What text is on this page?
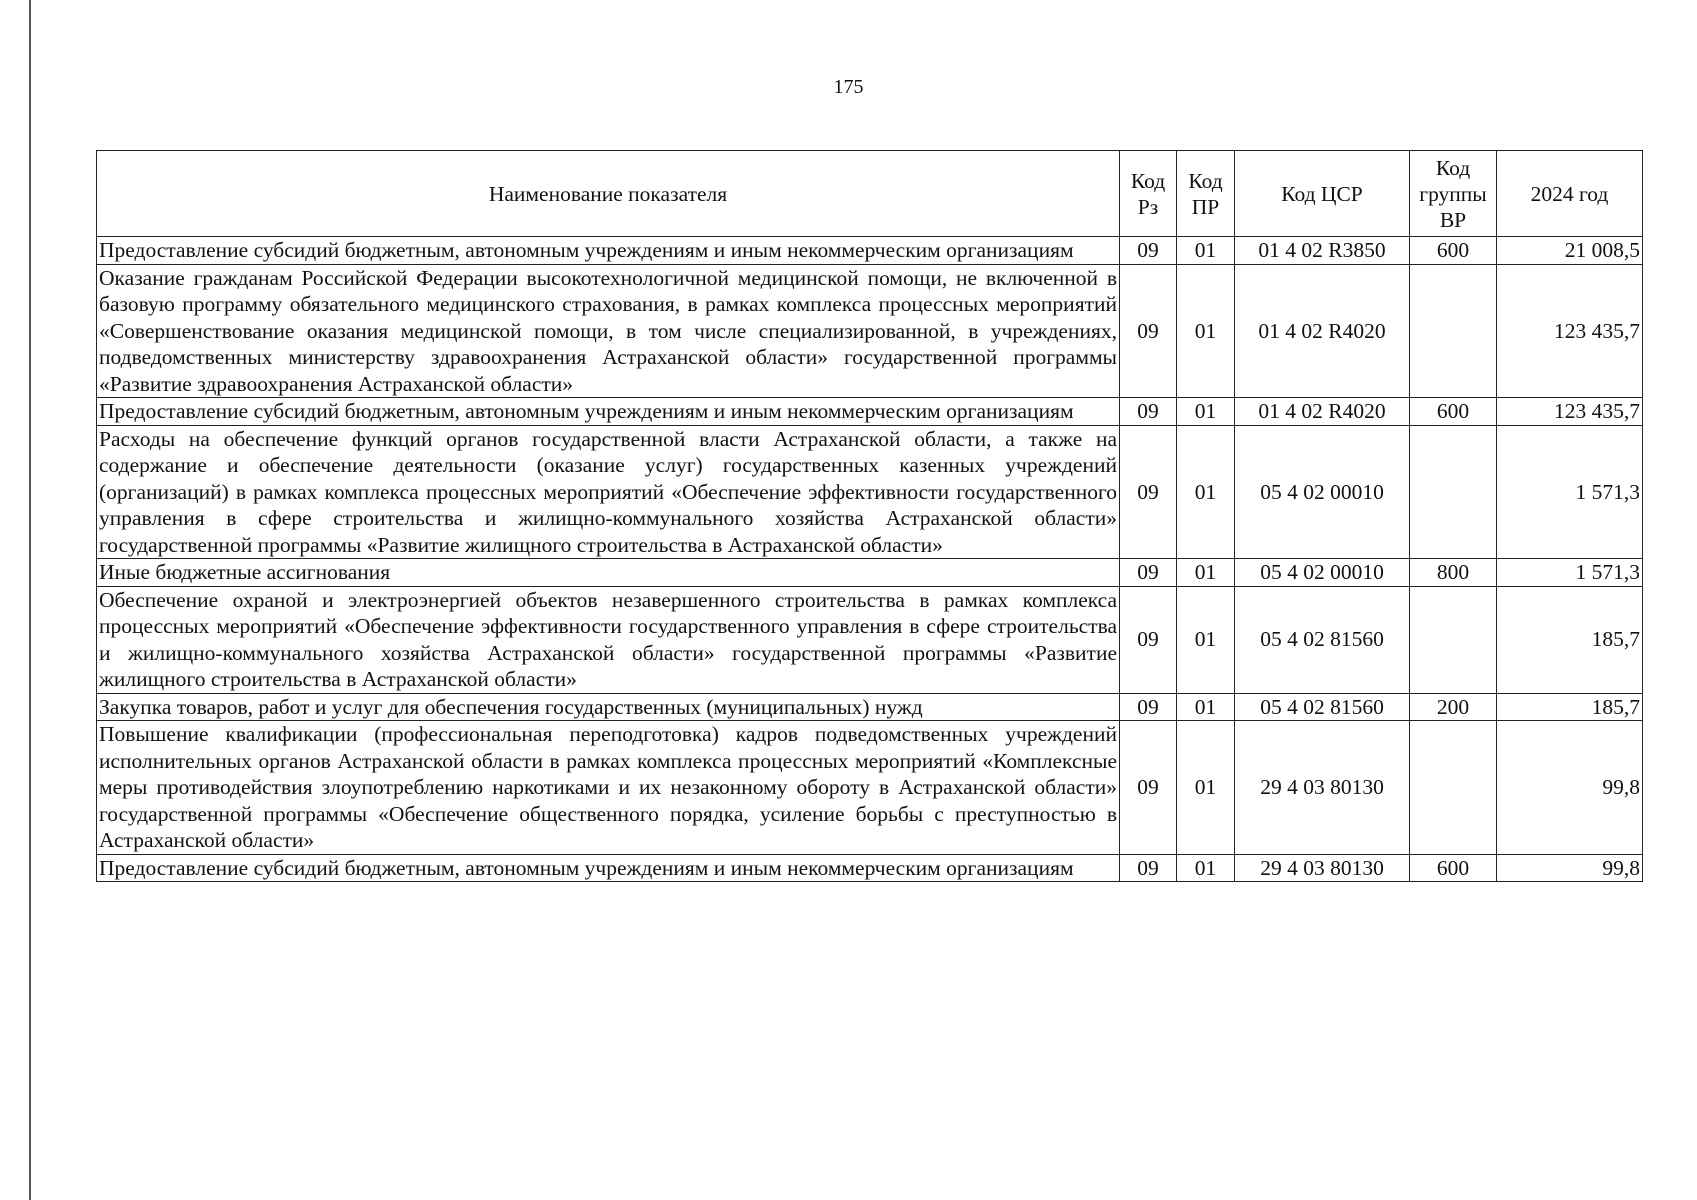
175
Наименование показателя	Код Рз	Код ПР	Код ЦСР	Код группы ВР	2024 год
Предоставление субсидий бюджетным, автономным учреждениям и иным некоммерческим организациям	09	01	01 4 02 R3850	600	21 008,5
Оказание гражданам Российской Федерации высокотехнологичной медицинской помощи, не включенной в базовую программу обязательного медицинского страхования, в рамках комплекса процессных мероприятий «Совершенствование оказания медицинской помощи, в том числе специализированной, в учреждениях, подведомственных министерству здравоохранения Астраханской области» государственной программы «Развитие здравоохранения Астраханской области»	09	01	01 4 02 R4020		123 435,7
Предоставление субсидий бюджетным, автономным учреждениям и иным некоммерческим организациям	09	01	01 4 02 R4020	600	123 435,7
Расходы на обеспечение функций органов государственной власти Астраханской области, а также на содержание и обеспечение деятельности (оказание услуг) государственных казенных учреждений (организаций) в рамках комплекса процессных мероприятий «Обеспечение эффективности государственного управления в сфере строительства и жилищно-коммунального хозяйства Астраханской области» государственной программы «Развитие жилищного строительства в Астраханской области»	09	01	05 4 02 00010		1 571,3
Иные бюджетные ассигнования	09	01	05 4 02 00010	800	1 571,3
Обеспечение охраной и электроэнергией объектов незавершенного строительства в рамках комплекса процессных мероприятий «Обеспечение эффективности государственного управления в сфере строительства и жилищно-коммунального хозяйства Астраханской области» государственной программы «Развитие жилищного строительства в Астраханской области»	09	01	05 4 02 81560		185,7
Закупка товаров, работ и услуг для обеспечения государственных (муниципальных) нужд	09	01	05 4 02 81560	200	185,7
Повышение квалификации (профессиональная переподготовка) кадров подведомственных учреждений исполнительных органов Астраханской области в рамках комплекса процессных мероприятий «Комплексные меры противодействия злоупотреблению наркотиками и их незаконному обороту в Астраханской области» государственной программы «Обеспечение общественного порядка, усиление борьбы с преступностью в Астраханской области»	09	01	29 4 03 80130		99,8
Предоставление субсидий бюджетным, автономным учреждениям и иным некоммерческим организациям	09	01	29 4 03 80130	600	99,8
